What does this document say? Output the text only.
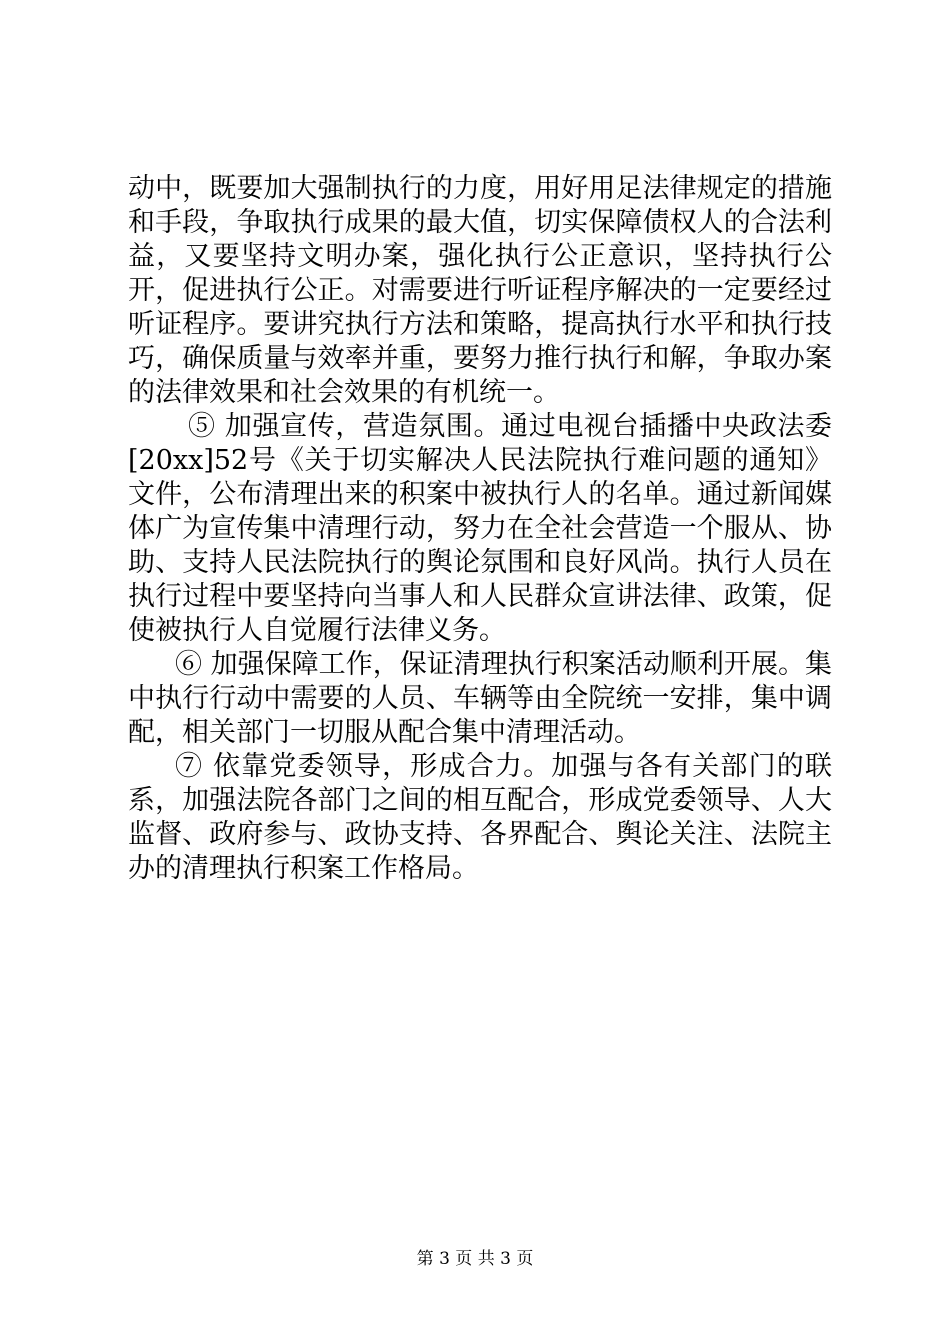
动中，既要加大强制执行的力度，用好用足法律规定的措施和手段，争取执行成果的最大值，切实保障债权人的合法利益，又要坚持文明办案，强化执行公正意识，坚持执行公开，促进执行公正。对需要进行听证程序解决的一定要经过听证程序。要讲究执行方法和策略，提高执行水平和执行技巧，确保质量与效率并重，要努力推行执行和解，争取办案的法律效果和社会效果的有机统一。

⑤ 加强宣传，营造氛围。通过电视台插播中央政法委[20xx]52号《关于切实解决人民法院执行难问题的通知》文件，公布清理出来的积案中被执行人的名单。通过新闻媒体广为宣传集中清理行动，努力在全社会营造一个服从、协助、支持人民法院执行的舆论氛围和良好风尚。执行人员在执行过程中要坚持向当事人和人民群众宣讲法律、政策，促使被执行人自觉履行法律义务。

⑥ 加强保障工作，保证清理执行积案活动顺利开展。集中执行行动中需要的人员、车辆等由全院统一安排，集中调配，相关部门一切服从配合集中清理活动。

⑦ 依靠党委领导，形成合力。加强与各有关部门的联系，加强法院各部门之间的相互配合，形成党委领导、人大监督、政府参与、政协支持、各界配合、舆论关注、法院主办的清理执行积案工作格局。

第 3 页 共 3 页
